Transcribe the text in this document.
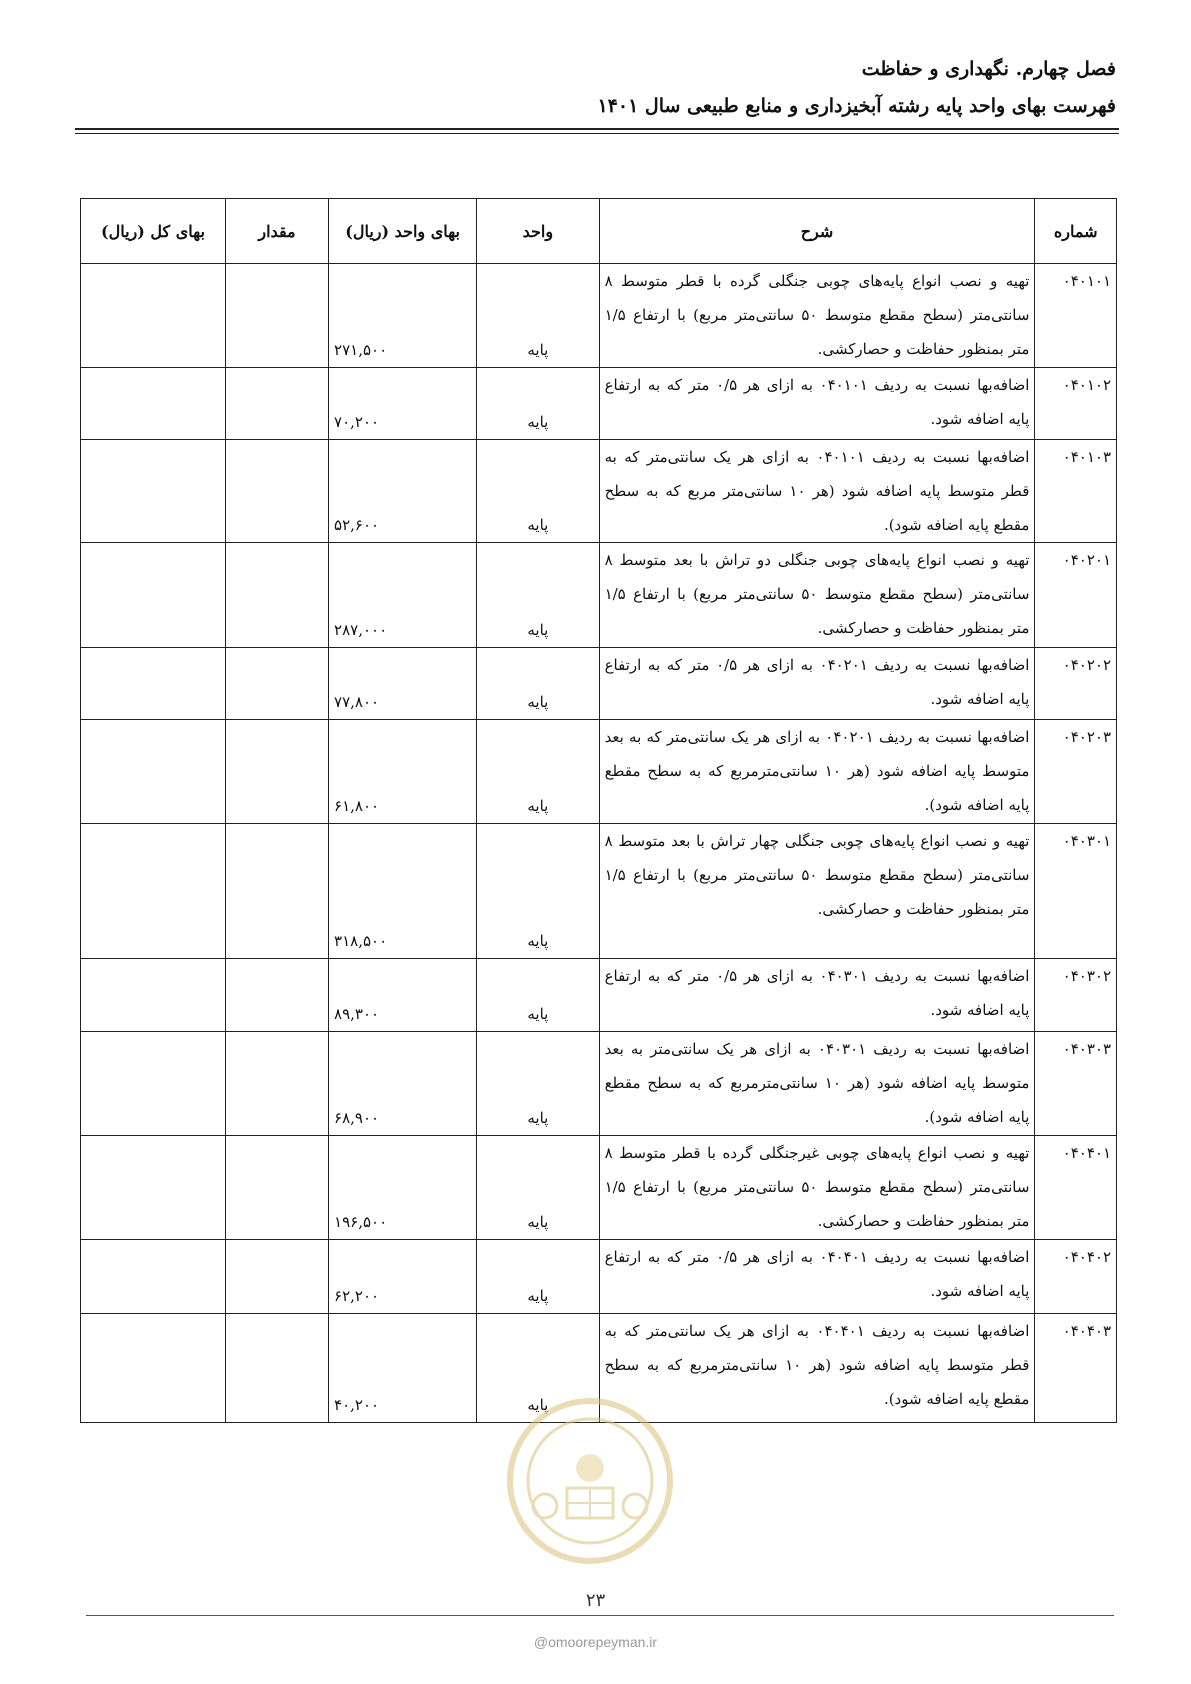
فصل چهارم. نگهداری و حفاظت
فهرست بهای واحد پایه رشته آبخیزداری و منابع طبیعی سال ۱۴۰۱
شماره	شرح	واحد	بهای واحد (ریال)	مقدار	بهای کل (ریال)
۰۴۰۱۰۱	تهیه و نصب انواع پایه‌های چوبی جنگلی گرده با قطر متوسط ۸ سانتی‌متر (سطح مقطع متوسط ۵۰ سانتی‌متر مربع) با ارتفاع ۱/۵ متر بمنظور حفاظت و حصارکشی.	پایه	۲۷۱,۵۰۰		
۰۴۰۱۰۲	اضافه‌بها نسبت به ردیف ۰۴۰۱۰۱ به ازای هر ۰/۵ متر که به ارتفاع پایه اضافه شود.	پایه	۷۰,۲۰۰		
۰۴۰۱۰۳	اضافه‌بها نسبت به ردیف ۰۴۰۱۰۱ به ازای هر یک سانتی‌متر که به قطر متوسط پایه اضافه شود (هر ۱۰ سانتی‌متر مربع که به سطح مقطع پایه اضافه شود).	پایه	۵۲,۶۰۰		
۰۴۰۲۰۱	تهیه و نصب انواع پایه‌های چوبی جنگلی دو تراش با بعد متوسط ۸ سانتی‌متر (سطح مقطع متوسط ۵۰ سانتی‌متر مربع) با ارتفاع ۱/۵ متر بمنظور حفاظت و حصارکشی.	پایه	۲۸۷,۰۰۰		
۰۴۰۲۰۲	اضافه‌بها نسبت به ردیف ۰۴۰۲۰۱ به ازای هر ۰/۵ متر که به ارتفاع پایه اضافه شود.	پایه	۷۷,۸۰۰		
۰۴۰۲۰۳	اضافه‌بها نسبت به ردیف ۰۴۰۲۰۱ به ازای هر یک سانتی‌متر که به بعد متوسط پایه اضافه شود (هر ۱۰ سانتی‌مترمربع که به سطح مقطع پایه اضافه شود).	پایه	۶۱,۸۰۰		
۰۴۰۳۰۱	تهیه و نصب انواع پایه‌های چوبی جنگلی چهار تراش با بعد متوسط ۸ سانتی‌متر (سطح مقطع متوسط ۵۰ سانتی‌متر مربع) با ارتفاع ۱/۵ متر بمنظور حفاظت و حصارکشی.	پایه	۳۱۸,۵۰۰		
۰۴۰۳۰۲	اضافه‌بها نسبت به ردیف ۰۴۰۳۰۱ به ازای هر ۰/۵ متر که به ارتفاع پایه اضافه شود.	پایه	۸۹,۳۰۰		
۰۴۰۳۰۳	اضافه‌بها نسبت به ردیف ۰۴۰۳۰۱ به ازای هر یک سانتی‌متر به بعد متوسط پایه اضافه شود (هر ۱۰ سانتی‌مترمربع که به سطح مقطع پایه اضافه شود).	پایه	۶۸,۹۰۰		
۰۴۰۴۰۱	تهیه و نصب انواع پایه‌های چوبی غیرجنگلی گرده با قطر متوسط ۸ سانتی‌متر (سطح مقطع متوسط ۵۰ سانتی‌متر مربع) با ارتفاع ۱/۵ متر بمنظور حفاظت و حصارکشی.	پایه	۱۹۶,۵۰۰		
۰۴۰۴۰۲	اضافه‌بها نسبت به ردیف ۰۴۰۴۰۱ به ازای هر ۰/۵ متر که به ارتفاع پایه اضافه شود.	پایه	۶۲,۲۰۰		
۰۴۰۴۰۳	اضافه‌بها نسبت به ردیف ۰۴۰۴۰۱ به ازای هر یک سانتی‌متر که به قطر متوسط پایه اضافه شود (هر ۱۰ سانتی‌مترمربع که به سطح مقطع پایه اضافه شود).	پایه	۴۰,۲۰۰		
۲۳
@omoorepeyman.ir
